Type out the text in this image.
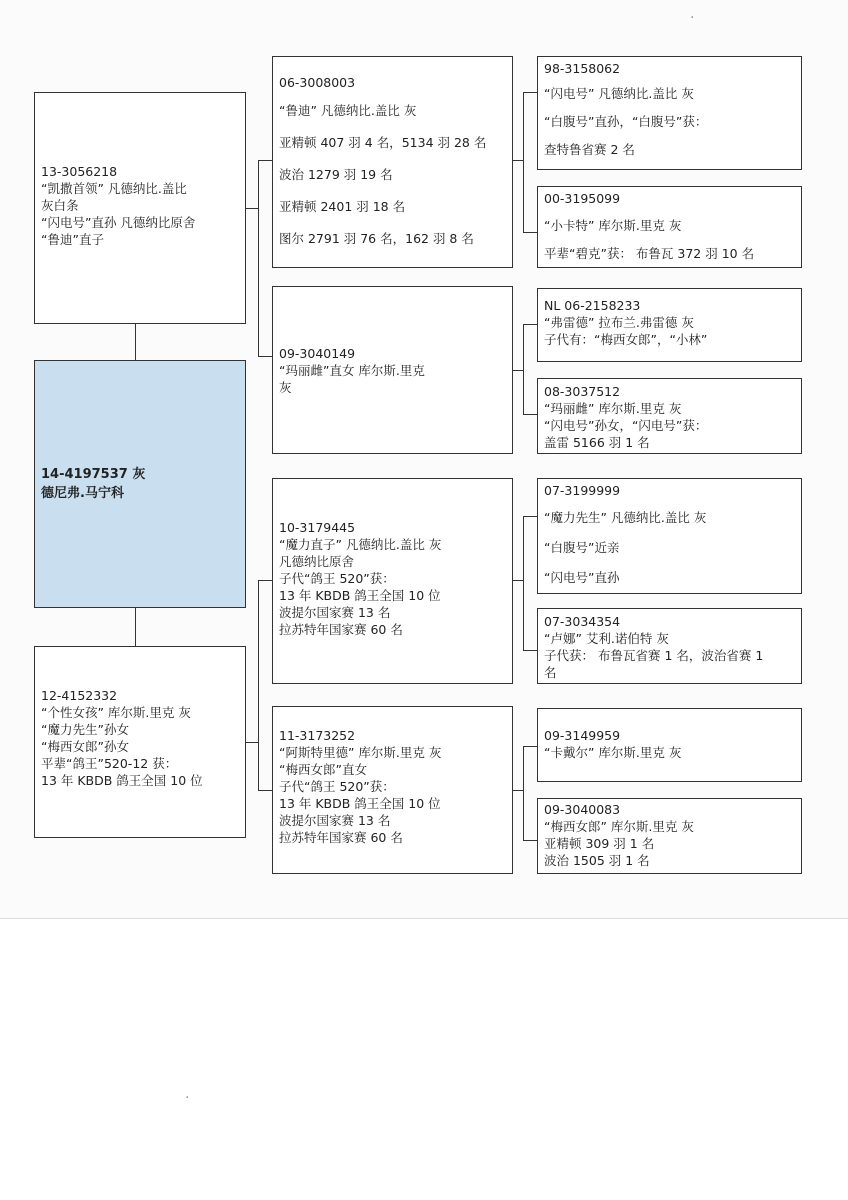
13-3056218
“凯撒首领” 凡德纳比.盖比
灰白条
“闪电号”直孙 凡德纳比原舍
“鲁迪”直子
14-4197537 灰
德尼弗.马宁科
12-4152332
“个性女孩” 库尔斯.里克 灰
“魔力先生”孙女
“梅西女郎”孙女
平辈“鸽王”520-12 获：
13 年 KBDB 鸽王全国 10 位
06-3008003
“鲁迪” 凡德纳比.盖比 灰
亚精顿 407 羽 4 名，5134 羽 28 名
波治 1279 羽 19 名
亚精顿 2401 羽 18 名
图尔 2791 羽 76 名，162 羽 8 名
09-3040149
“玛丽雌”直女 库尔斯.里克
灰
10-3179445
“魔力直子” 凡德纳比.盖比 灰
凡德纳比原舍
子代“鸽王 520”获：
13 年 KBDB 鸽王全国 10 位
波提尔国家赛 13 名
拉苏特年国家赛 60 名
11-3173252
“阿斯特里德” 库尔斯.里克 灰
“梅西女郎”直女
子代“鸽王 520”获：
13 年 KBDB 鸽王全国 10 位
波提尔国家赛 13 名
拉苏特年国家赛 60 名
98-3158062
“闪电号” 凡德纳比.盖比 灰
“白腹号”直孙，“白腹号”获：
查特鲁省赛 2 名
00-3195099
“小卡特” 库尔斯.里克 灰
平辈“碧克”获： 布鲁瓦 372 羽 10 名
NL 06-2158233
“弗雷德” 拉布兰.弗雷德 灰
子代有：“梅西女郎”，“小林”
08-3037512
“玛丽雌” 库尔斯.里克 灰
“闪电号”孙女，“闪电号”获：
盖雷 5166 羽 1 名
07-3199999
“魔力先生” 凡德纳比.盖比 灰
“白腹号”近亲
“闪电号”直孙
07-3034354
“卢娜” 艾利.诺伯特 灰
子代获： 布鲁瓦省赛 1 名，波治省赛 1
名
09-3149959
“卡戴尔” 库尔斯.里克 灰
09-3040083
“梅西女郎” 库尔斯.里克 灰
亚精顿 309 羽 1 名
波治 1505 羽 1 名
·
·
